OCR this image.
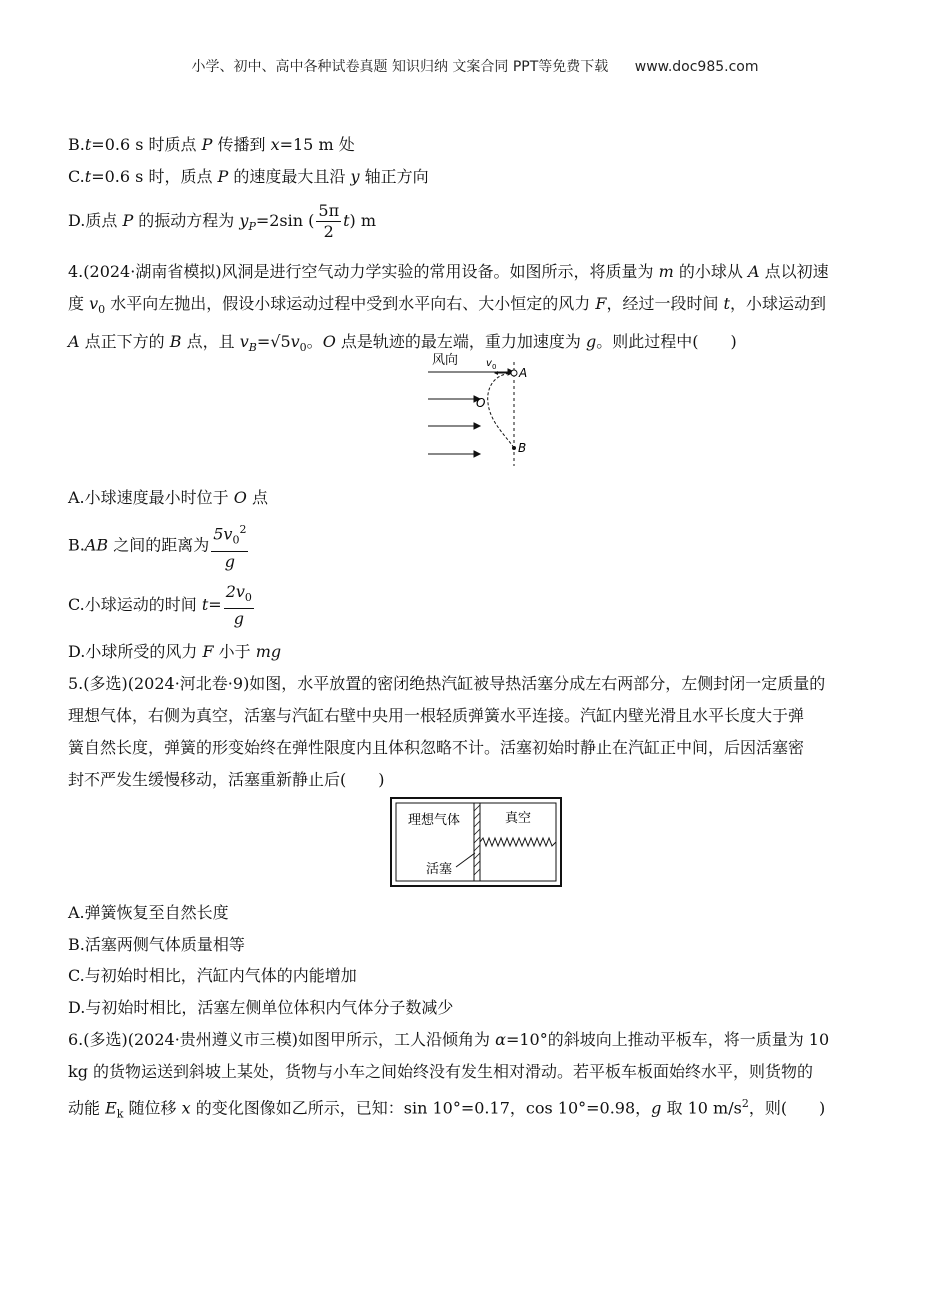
小学、初中、高中各种试卷真题 知识归纳 文案合同 PPT等免费下载 www.doc985.com
B.t=0.6 s 时质点 P 传播到 x=15 m 处
C.t=0.6 s 时，质点 P 的速度最大且沿 y 轴正方向
D.质点 P 的振动方程为 $y_P=2\sin$ ( $\frac{5\pi}{2} t$) m
4.(2024·湖南省模拟)风洞是进行空气动力学实验的常用设备。如图所示，将质量为 m 的小球从 A 点以初速
度 $v_0$ 水平向左抛出，假设小球运动过程中受到水平向右、大小恒定的风力 F，经过一段时间 t，小球运动到
A 点正下方的 B 点，且 $v_B=√5v_0$。O 点是轨迹的最左端，重力加速度为 g。则此过程中(　　)
风向	v 0 A
O
B
A.小球速度最小时位于 O 点
B.AB 之间的距离为 $\frac{5v_0^2}{g}$
C.小球运动的时间 $t= \frac{2v_0}{g}$
D.小球所受的风力 F 小于 mg
5.(多选)(2024·河北卷·9)如图，水平放置的密闭绝热汽缸被导热活塞分成左右两部分，左侧封闭一定质量的
理想气体，右侧为真空，活塞与汽缸右壁中央用一根轻质弹簧水平连接。汽缸内壁光滑且水平长度大于弹
簧自然长度，弹簧的形变始终在弹性限度内且体积忽略不计。活塞初始时静止在汽缸正中间，后因活塞密
封不严发生缓慢移动，活塞重新静止后(　　)
理想气体	真空
活塞
A.弹簧恢复至自然长度
B.活塞两侧气体质量相等
C.与初始时相比，汽缸内气体的内能增加
D.与初始时相比，活塞左侧单位体积内气体分子数减少
6.(多选)(2024·贵州遵义市三模)如图甲所示，工人沿倾角为 α=10°的斜坡向上推动平板车，将一质量为 10
kg 的货物运送到斜坡上某处，货物与小车之间始终没有发生相对滑动。若平板车板面始终水平，则货物的
动能 $E_k$ 随位移 x 的变化图像如乙所示，已知：sin 10°=0.17，cos 10°=0.98，g 取 10 $m/s^2$，则(　　)
